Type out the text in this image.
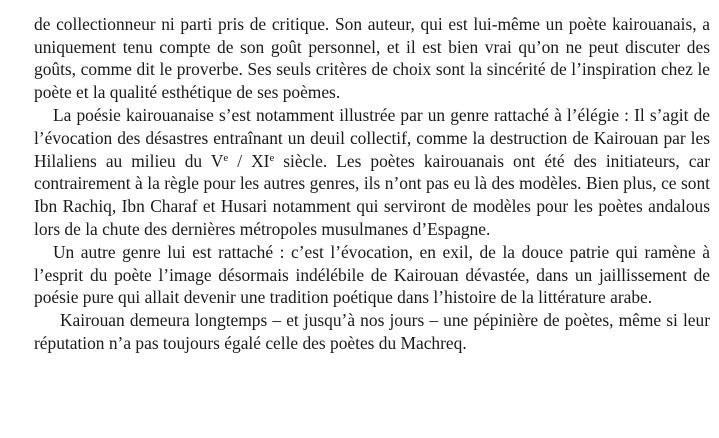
de collectionneur ni parti pris de critique. Son auteur, qui est lui-même un poète kairouanais, a uniquement tenu compte de son goût personnel, et il est bien vrai qu’on ne peut discuter des goûts, comme dit le proverbe. Ses seuls critères de choix sont la sincérité de l’inspiration chez le poète et la qualité esthétique de ses poèmes.

La poésie kairouanaise s’est notamment illustrée par un genre rattaché à l’élégie : Il s’agit de l’évocation des désastres entraînant un deuil collectif, comme la destruction de Kairouan par les Hilaliens au milieu du Ve / XIe siècle. Les poètes kairouanais ont été des initiateurs, car contrairement à la règle pour les autres genres, ils n’ont pas eu là des modèles. Bien plus, ce sont Ibn Rachiq, Ibn Charaf et Husari notamment qui serviront de modèles pour les poètes andalous lors de la chute des dernières métropoles musulmanes d’Espagne.

Un autre genre lui est rattaché : c’est l’évocation, en exil, de la douce patrie qui ramène à l’esprit du poète l’image désormais indélébile de Kairouan dévastée, dans un jaillissement de poésie pure qui allait devenir une tradition poétique dans l’histoire de la littérature arabe.

Kairouan demeura longtemps – et jusqu’à nos jours – une pépinière de poètes, même si leur réputation n’a pas toujours égalé celle des poètes du Machreq.
